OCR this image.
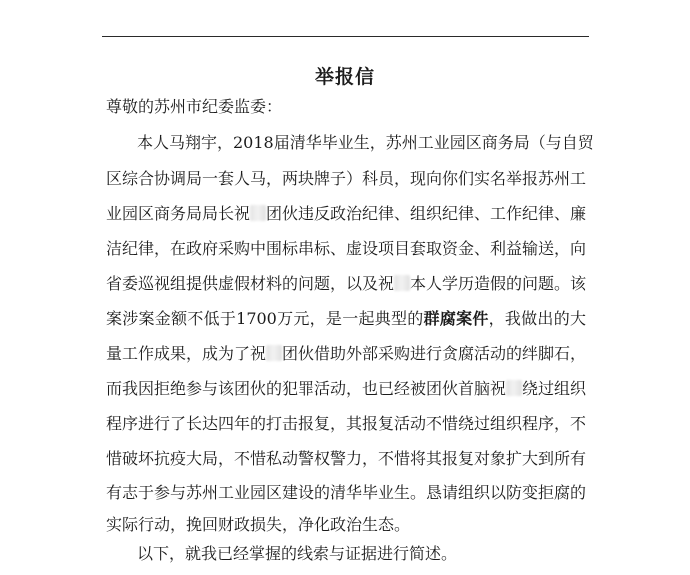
举报信

尊敬的苏州市纪委监委：

本人马翔宇，2018届清华毕业生，苏州工业园区商务局（与自贸

区综合协调局一套人马，两块牌子）科员，现向你们实名举报苏州工

业园区商务局局长祝 团伙违反政治纪律、组织纪律、工作纪律、廉

洁纪律，在政府采购中围标串标、虚设项目套取资金、利益输送，向

省委巡视组提供虚假材料的问题，以及祝 本人学历造假的问题。该

案涉案金额不低于1700万元，是一起典型的群腐案件，我做出的大

量工作成果，成为了祝 团伙借助外部采购进行贪腐活动的绊脚石，

而我因拒绝参与该团伙的犯罪活动，也已经被团伙首脑祝 绕过组织

程序进行了长达四年的打击报复，其报复活动不惜绕过组织程序，不

惜破坏抗疫大局，不惜私动警权警力，不惜将其报复对象扩大到所有

有志于参与苏州工业园区建设的清华毕业生。恳请组织以防变拒腐的

实际行动，挽回财政损失，净化政治生态。

以下，就我已经掌握的线索与证据进行简述。
